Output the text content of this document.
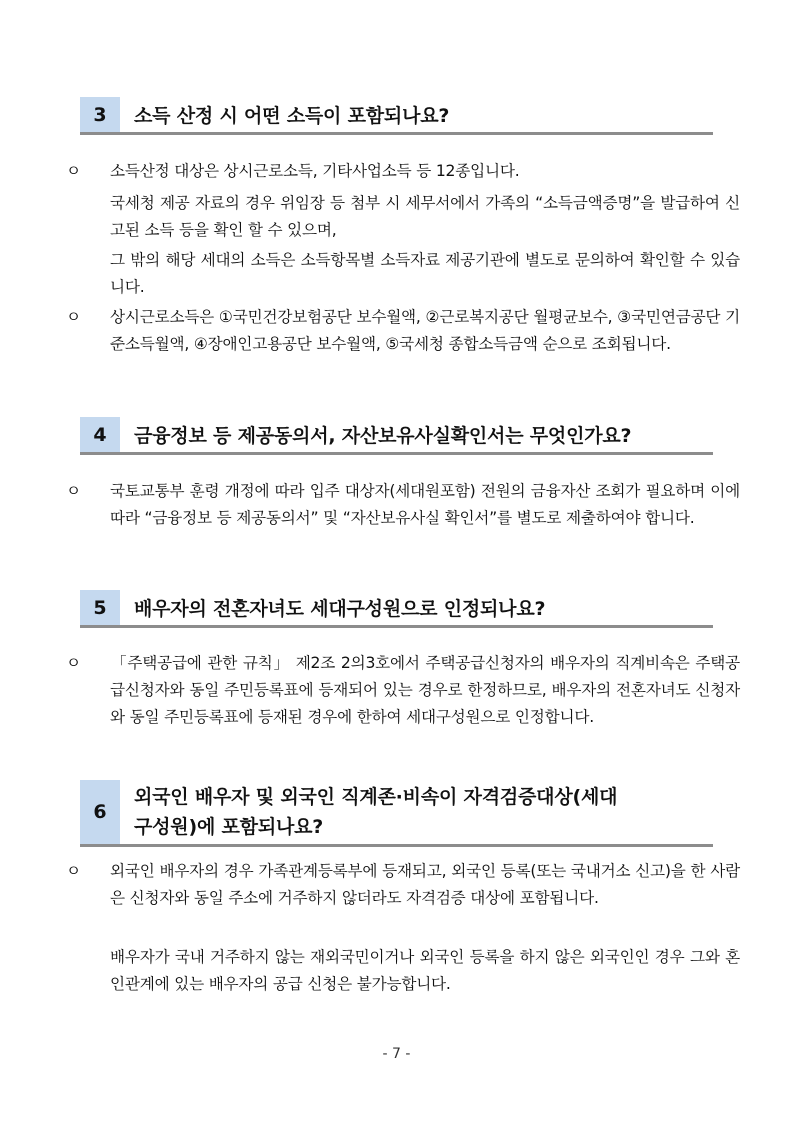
3	소득 산정 시 어떤 소득이 포함되나요?
ㅇ 소득산정 대상은 상시근로소득, 기타사업소득 등 12종입니다.
국세청 제공 자료의 경우 위임장 등 첨부 시 세무서에서 가족의 “소득금액증명”을 발급하여 신고된 소득 등을 확인 할 수 있으며,
그 밖의 해당 세대의 소득은 소득항목별 소득자료 제공기관에 별도로 문의하여 확인할 수 있습니다.
ㅇ 상시근로소득은 ①국민건강보험공단 보수월액, ②근로복지공단 월평균보수, ③국민연금공단 기준소득월액, ④장애인고용공단 보수월액, ⑤국세청 종합소득금액 순으로 조회됩니다.
4	금융정보 등 제공동의서, 자산보유사실확인서는 무엇인가요?
ㅇ 국토교통부 훈령 개정에 따라 입주 대상자(세대원포함) 전원의 금융자산 조회가 필요하며 이에 따라 “금융정보 등 제공동의서” 및 “자산보유사실 확인서”를 별도로 제출하여야 합니다.
5	배우자의 전혼자녀도 세대구성원으로 인정되나요?
ㅇ 「주택공급에 관한 규칙」 제2조 2의3호에서 주택공급신청자의 배우자의 직계비속은 주택공급신청자와 동일 주민등록표에 등재되어 있는 경우로 한정하므로, 배우자의 전혼자녀도 신청자와 동일 주민등록표에 등재된 경우에 한하여 세대구성원으로 인정합니다.
6
외국인 배우자 및 외국인 직계존·비속이 자격검증대상(세대
구성원)에 포함되나요?
ㅇ 외국인 배우자의 경우 가족관계등록부에 등재되고, 외국인 등록(또는 국내거소 신고)을 한 사람은 신청자와 동일 주소에 거주하지 않더라도 자격검증 대상에 포함됩니다.
배우자가 국내 거주하지 않는 재외국민이거나 외국인 등록을 하지 않은 외국인인 경우 그와 혼인관계에 있는 배우자의 공급 신청은 불가능합니다.
- 7 -
